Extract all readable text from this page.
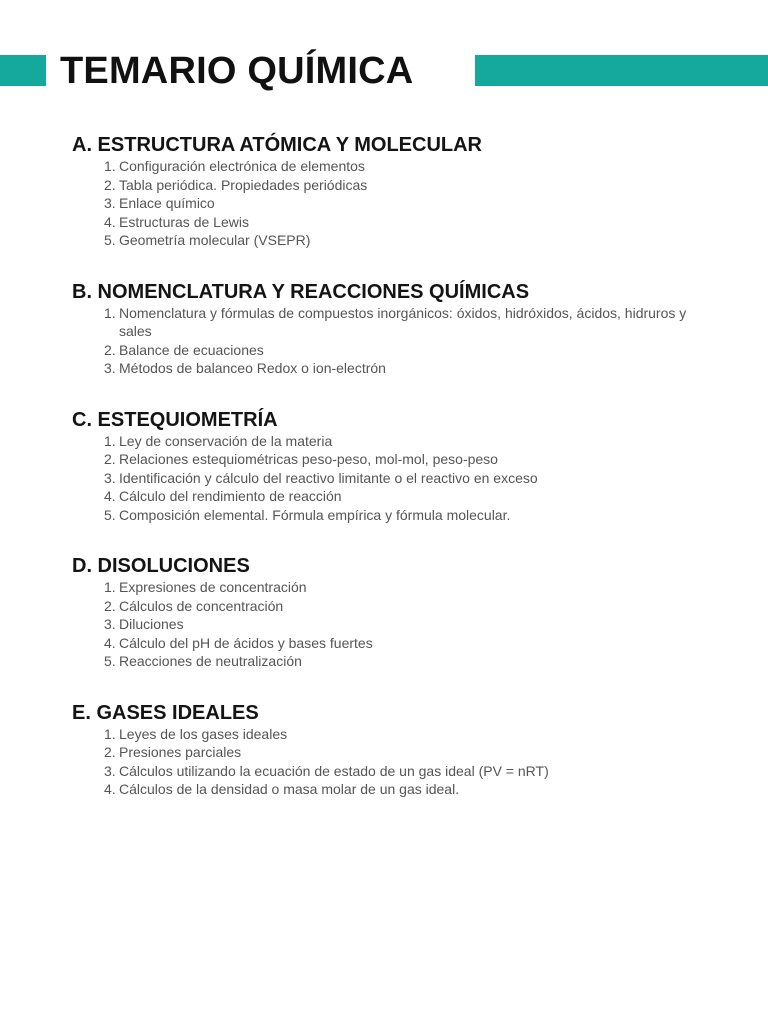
TEMARIO QUÍMICA
A. ESTRUCTURA ATÓMICA Y MOLECULAR
1. Configuración electrónica de elementos
2. Tabla periódica. Propiedades periódicas
3. Enlace químico
4. Estructuras de Lewis
5. Geometría molecular (VSEPR)
B. NOMENCLATURA Y REACCIONES QUÍMICAS
1. Nomenclatura y fórmulas de compuestos inorgánicos: óxidos, hidróxidos, ácidos, hidruros y sales
2. Balance de ecuaciones
3. Métodos de balanceo Redox o ion-electrón
C. ESTEQUIOMETRÍA
1. Ley de conservación de la materia
2. Relaciones estequiométricas peso-peso, mol-mol, peso-peso
3. Identificación y cálculo del reactivo limitante o el reactivo en exceso
4. Cálculo del rendimiento de reacción
5. Composición elemental. Fórmula empírica y fórmula molecular.
D. DISOLUCIONES
1. Expresiones de concentración
2. Cálculos de concentración
3. Diluciones
4. Cálculo del pH de ácidos y bases fuertes
5. Reacciones de neutralización
E. GASES IDEALES
1. Leyes de los gases ideales
2. Presiones parciales
3. Cálculos utilizando la ecuación de estado de un gas ideal (PV = nRT)
4. Cálculos de la densidad o masa molar de un gas ideal.
